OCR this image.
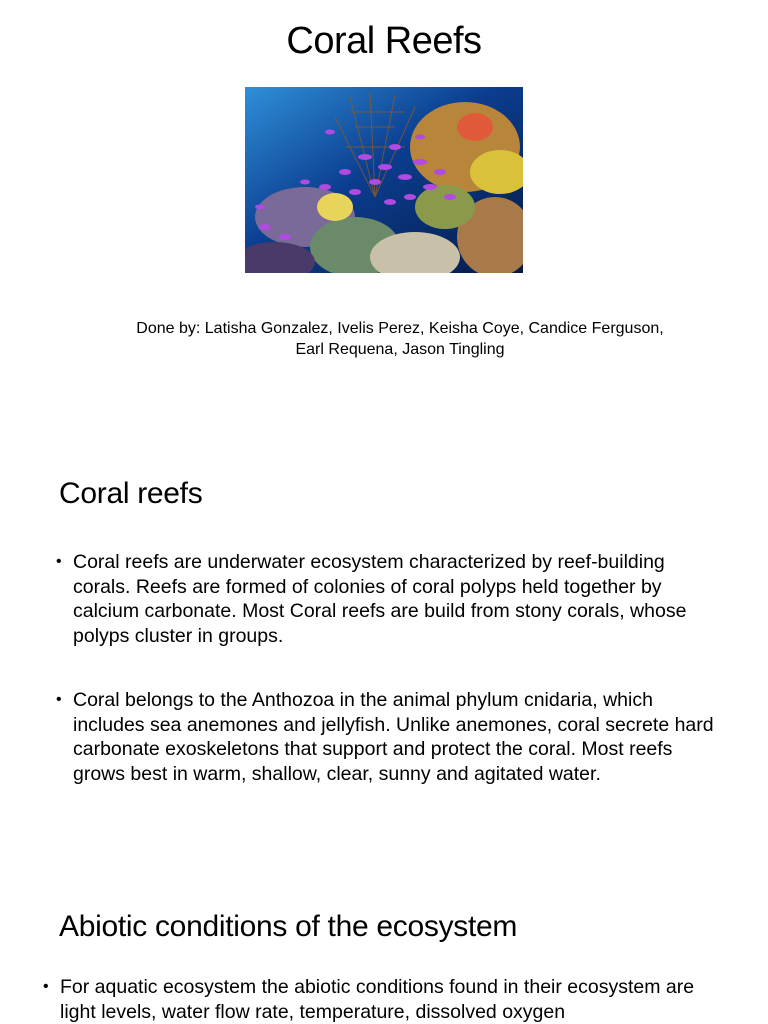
Coral Reefs
Done by: Latisha Gonzalez, Ivelis Perez, Keisha Coye, Candice Ferguson,
Earl Requena, Jason Tingling
Coral reefs
• Coral reefs are underwater ecosystem characterized by reef-building corals. Reefs are formed of colonies of coral polyps held together by calcium carbonate. Most Coral reefs are build from stony corals, whose polyps cluster in groups.
• Coral belongs to the Anthozoa in the animal phylum cnidaria, which includes sea anemones and jellyfish. Unlike anemones, coral secrete hard carbonate exoskeletons that support and protect the coral. Most reefs grows best in warm, shallow, clear, sunny and agitated water.
Abiotic conditions of the ecosystem
• For aquatic ecosystem the abiotic conditions found in their ecosystem are light levels, water flow rate, temperature, dissolved oxygen
